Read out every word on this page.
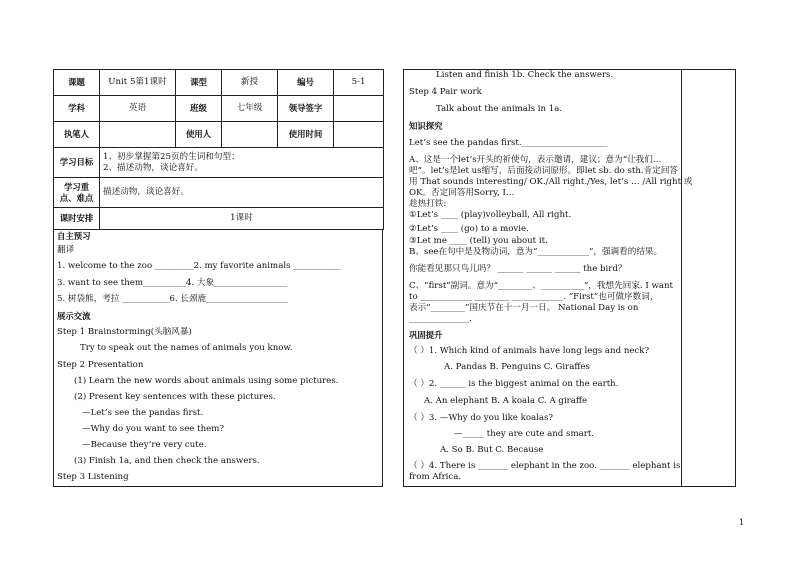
课题	Unit 5第1课时	课型	新授	编号	5-1
学科	英语	班级	七年级	领导签字	
执笔人		使用人		使用时间	
学习目标	1、初步掌握第25页的生词和句型；
2、描述动物，谈论喜好。				

学习重点、难点	描述动物，谈论喜好。				
课时安排	1课时				
自主预习
翻译
1. welcome to the zoo _________2. my favorite animals ___________
3. want to see them__________4. 大象_________________
5. 树袋熊，考拉 ___________6. 长颈鹿___________________
展示交流
Step 1 Brainstorming(头脑风暴)
Try to speak out the names of animals you know.
Step 2 Presentation
(1) Learn the new words about animals using some pictures.
(2) Present key sentences with these pictures.
—Let’s see the pandas first.
—Why do you want to see them?
—Because they’re very cute.
(3) Finish 1a, and then check the answers.
Step 3 Listening
Listen and finish 1b. Check the answers.
Step 4 Pair work
Talk about the animals in 1a.
知识探究
Let’s see the pandas first.____________________
A、这是一个let’s开头的祈使句，表示邀请，建议；意为“让我们…
吧”。let’s是let us缩写，后面接动词原形。即let sb. do sth.肯定回答
用 That sounds interesting/ OK./All right./Yes, let’s … /All right 或
OK。否定回答用Sorry, I…
趁热打铁:
①Let’s ____ (play)volleyball, All right.
②Let’s ____ (go) to a movie.
③Let me ____ (tell) you about it.
B、see在句中是及物动词，意为“____________”，强调看的结果。
你能看见那只鸟儿吗？ ______ ______ ______ the bird？
C、“first”副词。意为“________、__________”，我想先回家. I want
to ____________ ________ ____________. “First”也可做序数词，
表示“________”国庆节在十一月一日。 National Day is on
______________.
巩固提升
（ ）1. Which kind of animals have long legs and neck?
A. Pandas B. Penguins C. Giraffes
（ ）2. ______ is the biggest animal on the earth.
A. An elephant B. A koala C. A giraffe
（ ）3. —Why do you like koalas?
—_____ they are cute and smart.
A. So B. But C. Because
（ ）4. There is _______ elephant in the zoo. _______ elephant is
from Africa.
1
